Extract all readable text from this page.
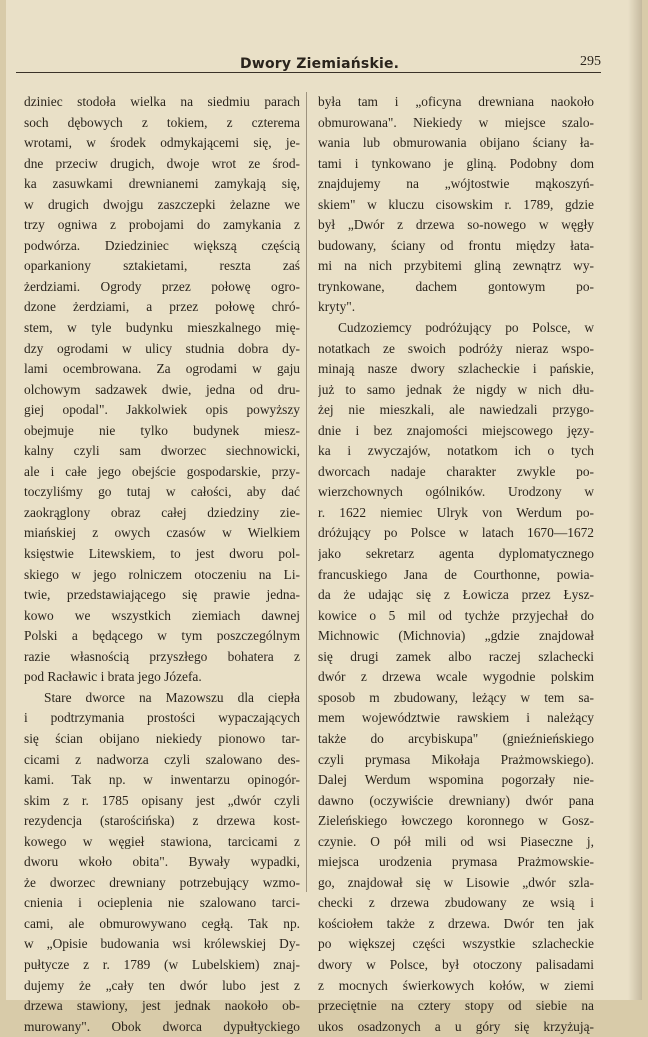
Dwory Ziemiańskie.	295
dziniec stodoła wielka na siedmiu parach
soch dębowych z tokiem, z czterema
wrotami, w środek odmykającemi się, je-
dne przeciw drugich, dwoje wrot ze środ-
ka zasuwkami drewnianemi zamykają się,
w drugich dwojgu zaszczepki żelazne we
trzy ogniwa z probojami do zamykania z
podwórza. Dziedziniec większą częścią
oparkaniony sztakietami, reszta zaś
żerdziami. Ogrody przez połowę ogro-
dzone żerdziami, a przez połowę chró-
stem, w tyle budynku mieszkalnego mię-
dzy ogrodami w ulicy studnia dobra dy-
lami ocembrowana. Za ogrodami w gaju
olchowym sadzawek dwie, jedna od dru-
giej opodal". Jakkolwiek opis powyższy
obejmuje nie tylko budynek miesz-
kalny czyli sam dworzec siechnowicki,
ale i całe jego obejście gospodarskie, przy-
toczyliśmy go tutaj w całości, aby dać
zaokrąglony obraz całej dziedziny zie-
miańskiej z owych czasów w Wielkiem
księstwie Litewskiem, to jest dworu pol-
skiego w jego rolniczem otoczeniu na Li-
twie, przedstawiającego się prawie jedna-
kowo we wszystkich ziemiach dawnej
Polski a będącego w tym poszczególnym
razie własnością przyszłego bohatera z
pod Racławic i brata jego Józefa.
Stare dworce na Mazowszu dla ciepła
i podtrzymania prostości wypaczających
się ścian obijano niekiedy pionowo tar-
cicami z nadworza czyli szalowano des-
kami. Tak np. w inwentarzu opinogór-
skim z r. 1785 opisany jest „dwór czyli
rezydencja (starościńska) z drzewa kost-
kowego w węgieł stawiona, tarcicami z
dworu wkoło obita". Bywały wypadki,
że dworzec drewniany potrzebujący wzmo-
cnienia i ocieplenia nie szalowano tarci-
cami, ale obmurowywano cegłą. Tak np.
w „Opisie budowania wsi królewskiej Dy-
pułtycze z r. 1789 (w Lubelskiem) znaj-
dujemy że „cały ten dwór lubo jest z
drzewa stawiony, jest jednak naokoło ob-
murowany". Obok dworca dypułtyckiego
była tam i „oficyna drewniana naokoło
obmurowana". Niekiedy w miejsce szalo-
wania lub obmurowania obijano ściany ła-
tami i tynkowano je gliną. Podobny dom
znajdujemy na „wójtostwie mąkoszyń-
skiem" w kluczu cisowskim r. 1789, gdzie
był „Dwór z drzewa so-nowego w węgły
budowany, ściany od frontu między łata-
mi na nich przybitemi gliną zewnątrz wy-
trynkowane, dachem gontowym po-
kryty".
Cudzoziemcy podróżujący po Polsce, w
notatkach ze swoich podróży nieraz wspo-
minają nasze dwory szlacheckie i pańskie,
już to samo jednak że nigdy w nich dłu-
żej nie mieszkali, ale nawiedzali przygo-
dnie i bez znajomości miejscowego języ-
ka i zwyczajów, notatkom ich o tych
dworcach nadaje charakter zwykle po-
wierzchownych ogólników. Urodzony w
r. 1622 niemiec Ulryk von Werdum po-
dróżujący po Polsce w latach 1670—1672
jako sekretarz agenta dyplomatycznego
francuskiego Jana de Courthonne, powia-
da że udając się z Łowicza przez Łysz-
kowice o 5 mil od tychże przyjechał do
Michnowic (Michnovia) „gdzie znajdował
się drugi zamek albo raczej szlachecki
dwór z drzewa wcale wygodnie polskim
sposob m zbudowany, leżący w tem sa-
mem województwie rawskiem i należący
także do arcybiskupa" (gnieźnieńskiego
czyli prymasa Mikołaja Prażmowskiego).
Dalej Werdum wspomina pogorzały nie-
dawno (oczywiście drewniany) dwór pana
Zieleńskiego łowczego koronnego w Gosz-
czynie. O pół mili od wsi Piaseczne j,
miejsca urodzenia prymasa Prażmowskie-
go, znajdował się w Lisowie „dwór szla-
checki z drzewa zbudowany ze wsią i
kościołem także z drzewa. Dwór ten jak
po większej części wszystkie szlacheckie
dwory w Polsce, był otoczony palisadami
z mocnych świerkowych kołów, w ziemi
przeciętnie na cztery stopy od siebie na
ukos osadzonych a u góry się krzyżują-
